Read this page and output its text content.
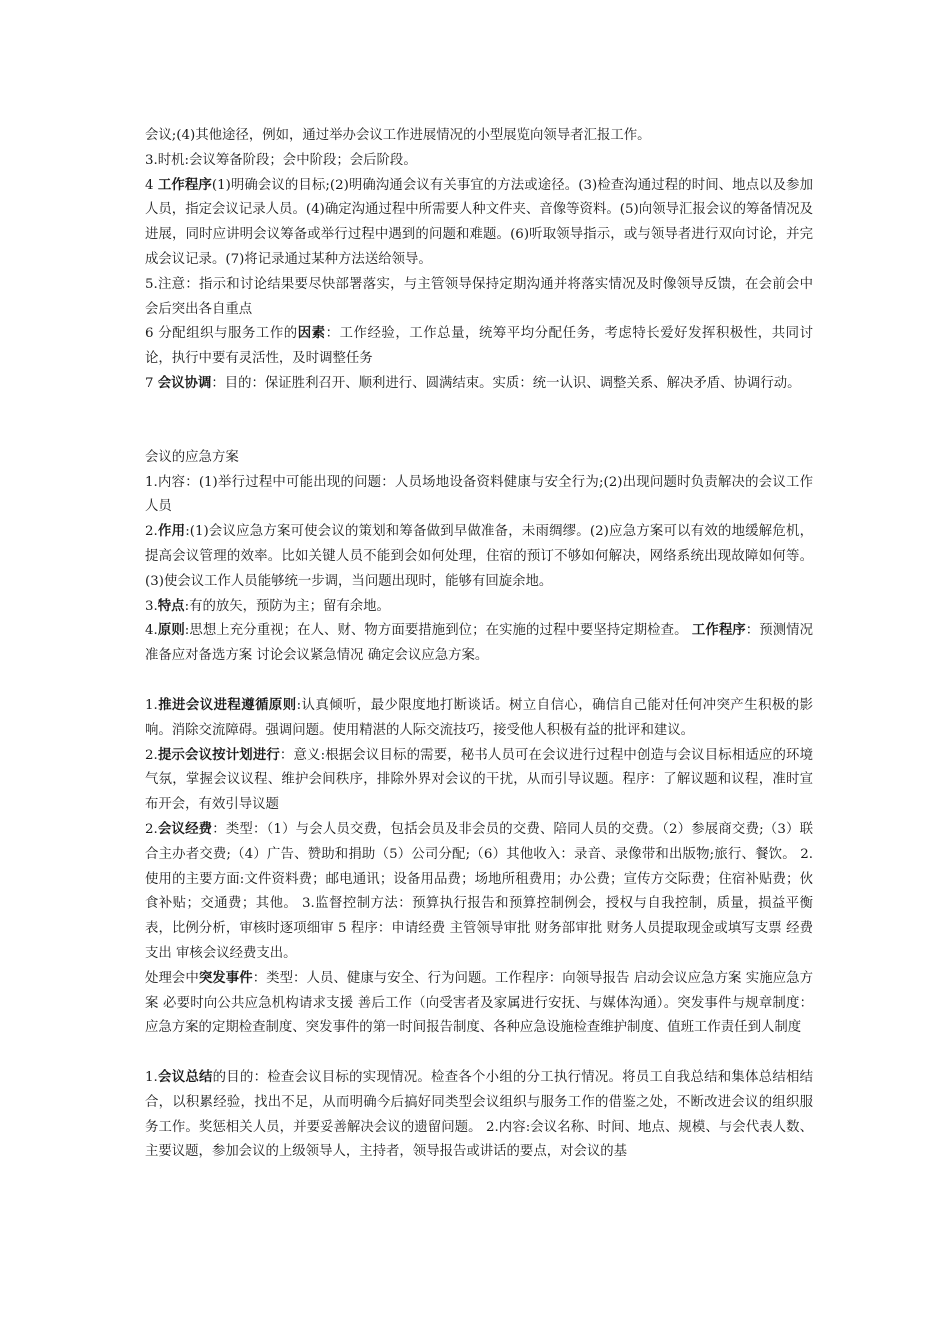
会议;(4)其他途径，例如，通过举办会议工作进展情况的小型展览向领导者汇报工作。

3.时机:会议筹备阶段；会中阶段；会后阶段。

4 工作程序(1)明确会议的目标;(2)明确沟通会议有关事宜的方法或途径。(3)检查沟通过程的时间、地点以及参加人员，指定会议记录人员。(4)确定沟通过程中所需要人种文件夹、音像等资料。(5)向领导汇报会议的筹备情况及进展，同时应讲明会议筹备或举行过程中遇到的问题和难题。(6)听取领导指示，或与领导者进行双向讨论，并完成会议记录。(7)将记录通过某种方法送给领导。

5.注意：指示和讨论结果要尽快部署落实，与主管领导保持定期沟通并将落实情况及时像领导反馈，在会前会中会后突出各自重点

6 分配组织与服务工作的因素：工作经验，工作总量，统筹平均分配任务，考虑特长爱好发挥积极性，共同讨论，执行中要有灵活性，及时调整任务

7 会议协调：目的：保证胜利召开、顺利进行、圆满结束。实质：统一认识、调整关系、解决矛盾、协调行动。

会议的应急方案

1.内容：(1)举行过程中可能出现的问题：人员场地设备资料健康与安全行为;(2)出现问题时负责解决的会议工作人员

2.作用:(1)会议应急方案可使会议的策划和筹备做到早做准备，未雨绸缪。(2)应急方案可以有效的地缓解危机，提高会议管理的效率。比如关键人员不能到会如何处理，住宿的预订不够如何解决，网络系统出现故障如何等。(3)使会议工作人员能够统一步调，当问题出现时，能够有回旋余地。

3.特点:有的放矢，预防为主；留有余地。

4.原则:思想上充分重视；在人、财、物方面要措施到位；在实施的过程中要坚持定期检查。 工作程序：预测情况 准备应对备选方案 讨论会议紧急情况 确定会议应急方案。

1.推进会议进程遵循原则:认真倾听，最少限度地打断谈话。树立自信心，确信自己能对任何冲突产生积极的影响。消除交流障碍。强调问题。使用精湛的人际交流技巧，接受他人积极有益的批评和建议。

2.提示会议按计划进行：意义:根据会议目标的需要，秘书人员可在会议进行过程中创造与会议目标相适应的环境气氛，掌握会议议程、维护会间秩序，排除外界对会议的干扰，从而引导议题。程序：了解议题和议程，准时宣布开会，有效引导议题

2.会议经费：类型：（1）与会人员交费，包括会员及非会员的交费、陪同人员的交费。（2）参展商交费;（3）联合主办者交费;（4）广告、赞助和捐助（5）公司分配;（6）其他收入：录音、录像带和出版物;旅行、餐饮。 2.使用的主要方面:文件资料费；邮电通讯；设备用品费；场地所租费用；办公费；宣传方交际费；住宿补贴费；伙食补贴；交通费；其他。 3.监督控制方法：预算执行报告和预算控制例会，授权与自我控制，质量，损益平衡表，比例分析，审核时逐项细审 5 程序：申请经费 主管领导审批 财务部审批 财务人员提取现金或填写支票 经费支出 审核会议经费支出。

处理会中突发事件：类型：人员、健康与安全、行为问题。工作程序：向领导报告 启动会议应急方案 实施应急方案 必要时向公共应急机构请求支援 善后工作（向受害者及家属进行安抚、与媒体沟通）。突发事件与规章制度：应急方案的定期检查制度、突发事件的第一时间报告制度、各种应急设施检查维护制度、值班工作责任到人制度

1.会议总结的目的：检查会议目标的实现情况。检查各个小组的分工执行情况。将员工自我总结和集体总结相结合，以积累经验，找出不足，从而明确今后搞好同类型会议组织与服务工作的借鉴之处，不断改进会议的组织服务工作。奖惩相关人员，并要妥善解决会议的遗留问题。 2.内容:会议名称、时间、地点、规模、与会代表人数、主要议题，参加会议的上级领导人，主持者，领导报告或讲话的要点，对会议的基
